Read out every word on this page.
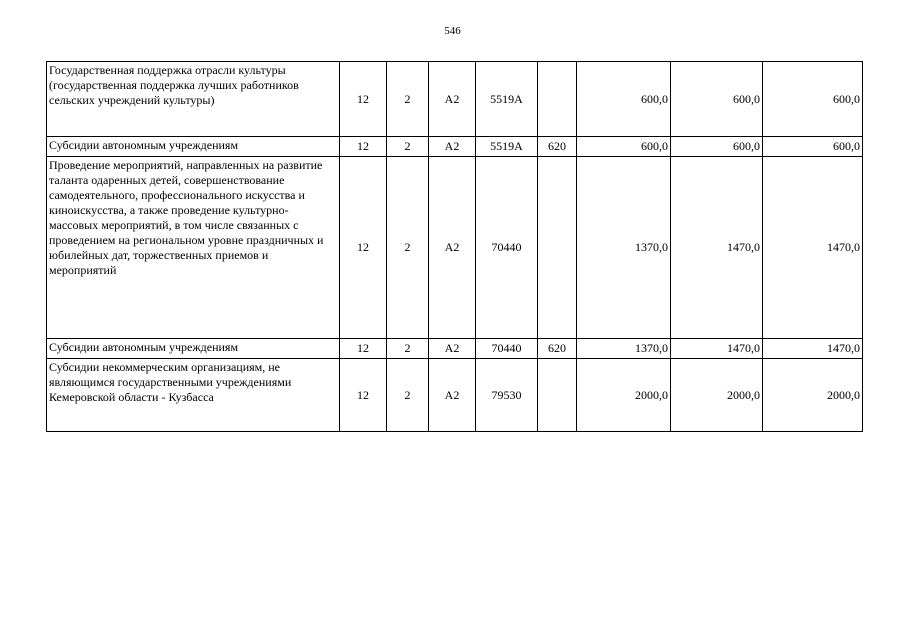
546
Государственная поддержка отрасли культуры (государственная поддержка лучших работников сельских учреждений культуры)	12	2	А2	5519А		600,0	600,0	600,0
Субсидии автономным учреждениям	12	2	А2	5519А	620	600,0	600,0	600,0
Проведение мероприятий, направленных на развитие таланта одаренных детей, совершенствование самодеятельного, профессионального искусства и киноискусства, а также проведение культурно-массовых мероприятий, в том числе связанных с проведением на региональном уровне праздничных и юбилейных дат, торжественных приемов и мероприятий	12	2	А2	70440		1370,0	1470,0	1470,0
Субсидии автономным учреждениям	12	2	А2	70440	620	1370,0	1470,0	1470,0
Субсидии некоммерческим организациям, не являющимся государственными учреждениями Кемеровской области - Кузбасса	12	2	А2	79530		2000,0	2000,0	2000,0
